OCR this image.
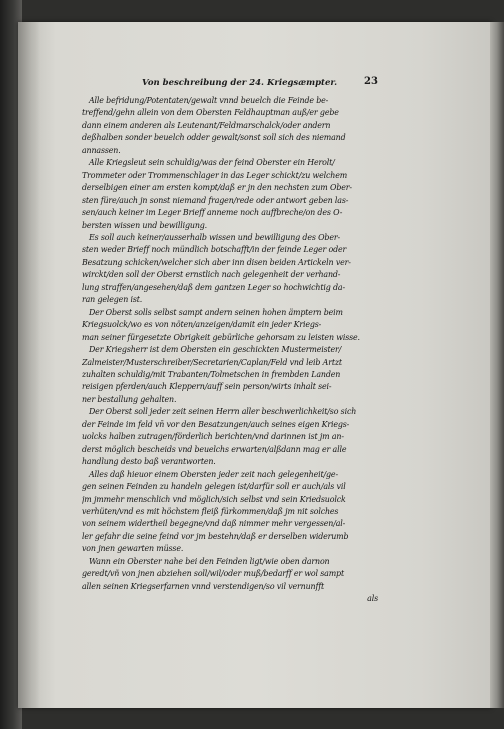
Von beschreibung der 24. Kriegsæmpter.	23
Alle befridung/Potentaten/gewalt vnnd beuelch die Feinde be-
treffend/gehn allein von dem Obersten Feldhauptman auß/er gebe
dann einem anderen als Leutenant/Feldmarschalck/oder andern
deßhalben sonder beuelch odder gewalt/sonst soll sich des niemand
annassen.
Alle Kriegsleut sein schuldig/was der feind Oberster ein Herolt/
Trommeter oder Trommenschlager in das Leger schickt/zu welchem
derselbigen einer am ersten kompt/daß er jn den nechsten zum Ober-
sten füre/auch jn sonst niemand fragen/rede oder antwort geben las-
sen/auch keiner im Leger Brieff anneme noch auffbreche/on des O-
bersten wissen und bewilligung.
Es soll auch keiner/ausserhalb wissen und bewilligung des Ober-
sten weder Brieff noch mündlich botschafft/in der feinde Leger oder
Besatzung schicken/welcher sich aber inn disen beiden Artickeln ver-
wirckt/den soll der Oberst ernstlich nach gelegenheit der verhand-
lung straffen/angesehen/daß dem gantzen Leger so hochwichtig da-
ran gelegen ist.
Der Oberst solls selbst sampt andern seinen hohen ämptern beim
Kriegsuolck/wo es von nöten/anzeigen/damit ein jeder Kriegs-
man seiner fürgesetzte Obrigkeit gebürliche gehorsam zu leisten wisse.
Der Kriegsherr ist dem Obersten ein geschickten Mustermeister/
Zalmeister/Musterschreiber/Secretarien/Caplan/Feld vnd leib Artzt
zuhalten schuldig/mit Trabanten/Tolmetschen in frembden Landen
reisigen pferden/auch Kleppern/auff sein person/wirts inhalt sei-
ner bestallung gehalten.
Der Oberst soll jeder zeit seinen Herrn aller beschwerlichkeit/so sich
der Feinde im feld vn̄ vor den Besatzungen/auch seines eigen Kriegs-
uolcks halben zutragen/förderlich berichten/vnd darinnen ist jm an-
derst möglich bescheids vnd beuelchs erwarten/alßdann mag er alle
handlung desto baß verantworten.
Alles daß hieuor einem Obersten jeder zeit nach gelegenheit/ge-
gen seinen Feinden zu handeln gelegen ist/darfür soll er auch/als vil
jm jmmehr menschlich vnd möglich/sich selbst vnd sein Kriedsuolck
verhüten/vnd es mit höchstem fleiß fürkommen/daß jm nit solches
von seinem widertheil begegne/vnd daß nimmer mehr vergessen/al-
ler gefahr die seine feind vor jm bestehn/daß er derselben widerumb
von jnen gewarten müsse.
Wann ein Oberster nahe bei den Feinden ligt/wie oben darnon
geredt/vñ von jnen abziehen soll/wil/oder muß/bedarff er wol sampt
allen seinen Kriegserfarnen vnnd verstendigen/so vil vernunfft
als
